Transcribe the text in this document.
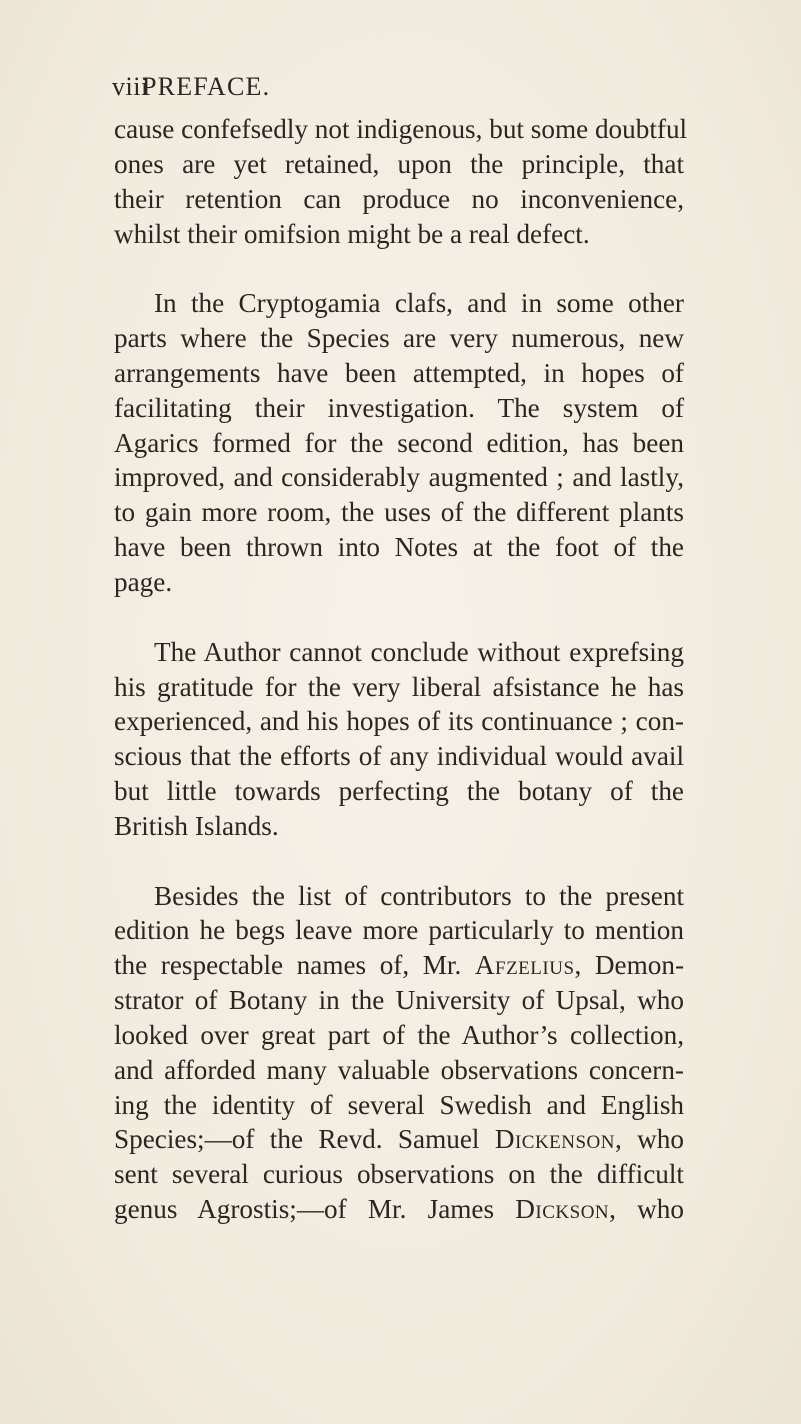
viii
PREFACE.
cause confefsedly not indigenous, but some doubtful
ones are yet retained, upon the principle, that
their retention can produce no inconvenience,
whilst their omifsion might be a real defect.
In the Cryptogamia clafs, and in some other
parts where the Species are very numerous, new
arrangements have been attempted, in hopes of
facilitating their investigation. The system of
Agarics formed for the second edition, has been
improved, and considerably augmented ; and lastly,
to gain more room, the uses of the different plants
have been thrown into Notes at the foot of the
page.
The Author cannot conclude without exprefsing
his gratitude for the very liberal afsistance he has
experienced, and his hopes of its continuance ; con-
scious that the efforts of any individual would avail
but little towards perfecting the botany of the
British Islands.
Besides the list of contributors to the present
edition he begs leave more particularly to mention
the respectable names of, Mr. Afzelius, Demon-
strator of Botany in the University of Upsal, who
looked over great part of the Author’s collection,
and afforded many valuable observations concern-
ing the identity of several Swedish and English
Species;—of the Revd. Samuel Dickenson, who
sent several curious observations on the difficult
genus Agrostis;—of Mr. James Dickson, who
